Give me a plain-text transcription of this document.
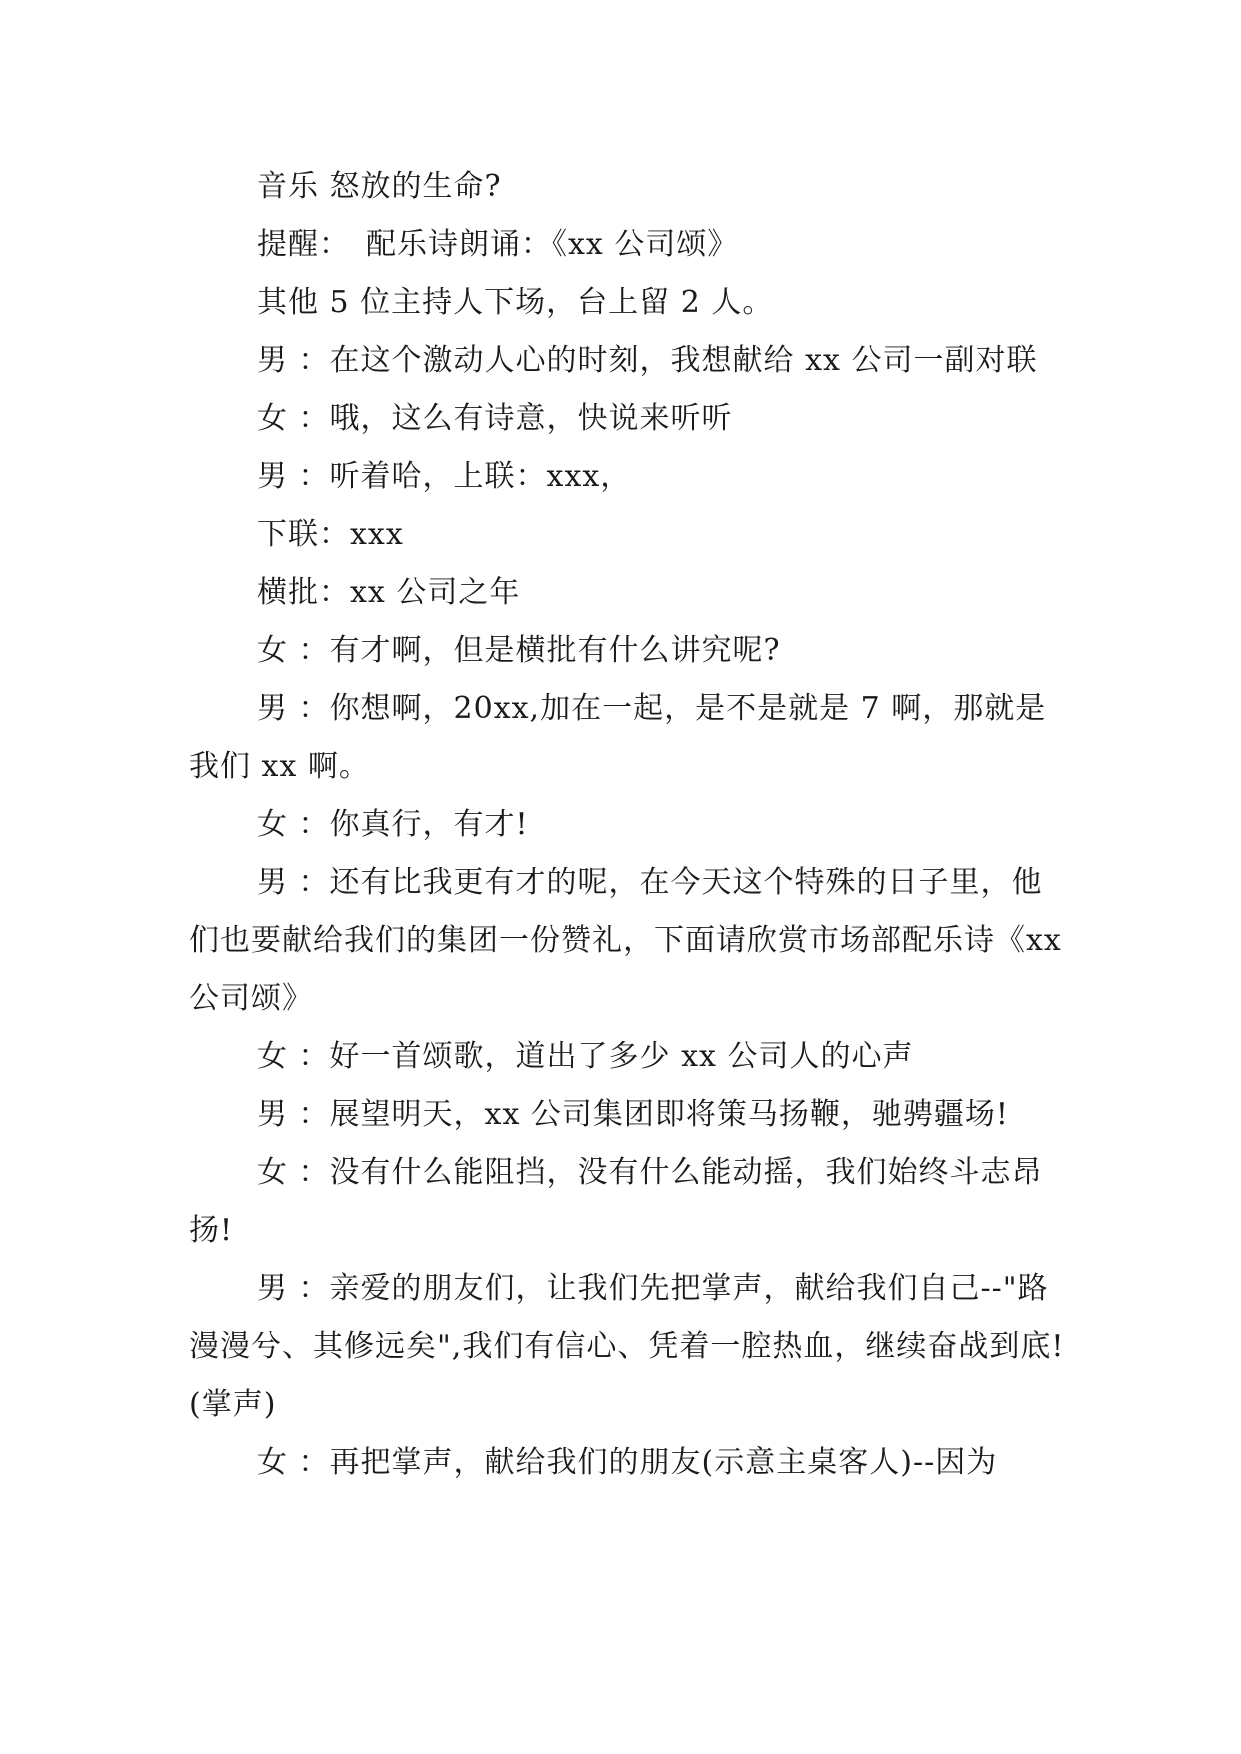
音乐 怒放的生命?

提醒：　配乐诗朗诵：《xx 公司颂》

其他 5 位主持人下场，台上留 2 人。

男 ：在这个激动人心的时刻，我想献给 xx 公司一副对联

女 ：哦，这么有诗意，快说来听听

男 ：听着哈，上联：xxx，

下联：xxx

横批：xx 公司之年

女 ：有才啊，但是横批有什么讲究呢?

男 ：你想啊，20xx,加在一起，是不是就是 7 啊，那就是我们 xx 啊。

女 ：你真行，有才!

男 ：还有比我更有才的呢，在今天这个特殊的日子里，他们也要献给我们的集团一份赞礼，下面请欣赏市场部配乐诗《xx 公司颂》

女 ：好一首颂歌，道出了多少 xx 公司人的心声

男 ：展望明天，xx 公司集团即将策马扬鞭，驰骋疆场!

女 ：没有什么能阻挡，没有什么能动摇，我们始终斗志昂扬!

男 ：亲爱的朋友们，让我们先把掌声，献给我们自己--"路漫漫兮、其修远矣",我们有信心、凭着一腔热血，继续奋战到底!(掌声)

女 ：再把掌声，献给我们的朋友(示意主桌客人)--因为
